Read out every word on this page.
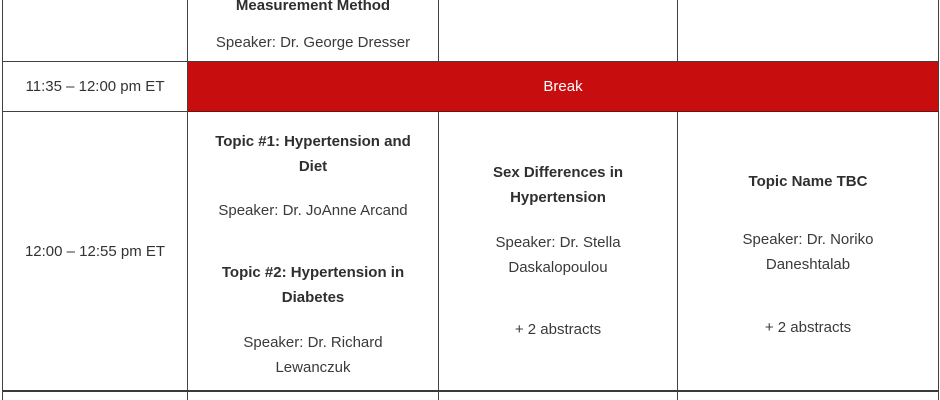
Measurement Method
Speaker: Dr. George Dresser
11:35 – 12:00 pm ET	Break
12:00 – 12:55 pm ET
Topic #1: Hypertension and Diet
Speaker: Dr. JoAnne Arcand
Topic #2: Hypertension in Diabetes
Speaker: Dr. Richard Lewanczuk
Sex Differences in Hypertension
Speaker: Dr. Stella Daskalopoulou
+ 2 abstracts
Topic Name TBC
Speaker: Dr. Noriko Daneshtalab
+ 2 abstracts
